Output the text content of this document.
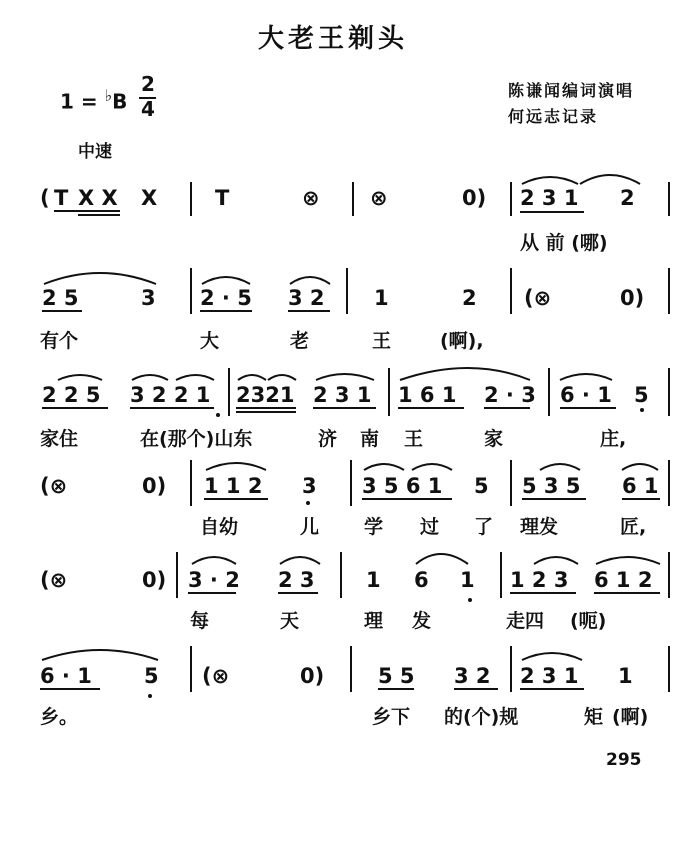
大老王剃头
陈谦闻编词演唱
何远志记录
1 = ♭B
2
4
中速
( T X X X	T	⊗ ⊗	0) 2 3 1 2
从 前 (哪)
2 5	3 2 · 5 3 2 1	2 (⊗	0)
有个	大	老	王	(啊),
2 2 5 3 2 2 1 2321 2 3 1 1 6 1 2 · 3 6 · 1 5
家住	在(那个)山东	济 南 王	家	庄,
(⊗	0) 1 1 2 3 3 5 6 1 5 5 3 5 6 1
自幼	儿 学 过 了 理发	匠,
(⊗	0) 3 · 2 2 3 1 6 1 1 2 3 6 1 2
每	天	理 发	走四 (呃)
6 · 1 5 (⊗	0)	5 5 3 2 2 3 1 1
乡。	乡下 的(个)规	矩 (啊)
295
